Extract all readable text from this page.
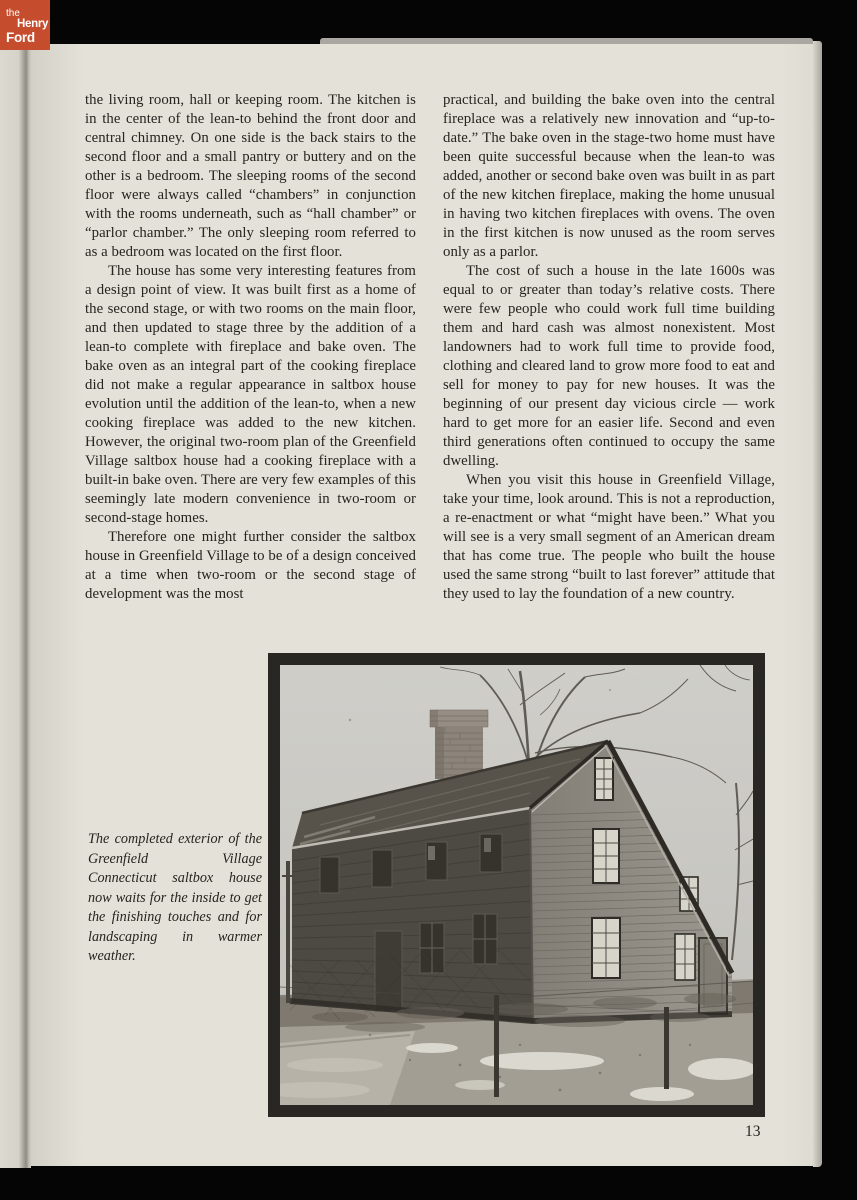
the living room, hall or keeping room. The kitchen is in the center of the lean-to behind the front door and central chimney. On one side is the back stairs to the second floor and a small pantry or buttery and on the other is a bedroom. The sleeping rooms of the second floor were always called “chambers” in conjunction with the rooms underneath, such as “hall chamber” or “parlor chamber.” The only sleeping room referred to as a bedroom was located on the first floor.

The house has some very interesting features from a design point of view. It was built first as a home of the second stage, or with two rooms on the main floor, and then updated to stage three by the addition of a lean-to complete with fireplace and bake oven. The bake oven as an integral part of the cooking fireplace did not make a regular appearance in saltbox house evolution until the addition of the lean-to, when a new cooking fireplace was added to the new kitchen. However, the original two-room plan of the Greenfield Village saltbox house had a cooking fireplace with a built-in bake oven. There are very few examples of this seemingly late modern convenience in two-room or second-stage homes.

Therefore one might further consider the saltbox house in Greenfield Village to be of a design conceived at a time when two-room or the second stage of development was the most

practical, and building the bake oven into the central fireplace was a relatively new innovation and “up-to-date.” The bake oven in the stage-two home must have been quite successful because when the lean-to was added, another or second bake oven was built in as part of the new kitchen fireplace, making the home unusual in having two kitchen fireplaces with ovens. The oven in the first kitchen is now unused as the room serves only as a parlor.

The cost of such a house in the late 1600s was equal to or greater than today’s relative costs. There were few people who could work full time building them and hard cash was almost nonexistent. Most landowners had to work full time to provide food, clothing and cleared land to grow more food to eat and sell for money to pay for new houses. It was the beginning of our present day vicious circle — work hard to get more for an easier life. Second and even third generations often continued to occupy the same dwelling.

When you visit this house in Greenfield Village, take your time, look around. This is not a reproduction, a re-enactment or what “might have been.” What you will see is a very small segment of an American dream that has come true. The people who built the house used the same strong “built to last forever” attitude that they used to lay the foundation of a new country.

The completed exterior of the Greenfield Village Connecticut saltbox house now waits for the inside to get the finishing touches and for landscaping in warmer weather.
13
the
Henry
Ford
